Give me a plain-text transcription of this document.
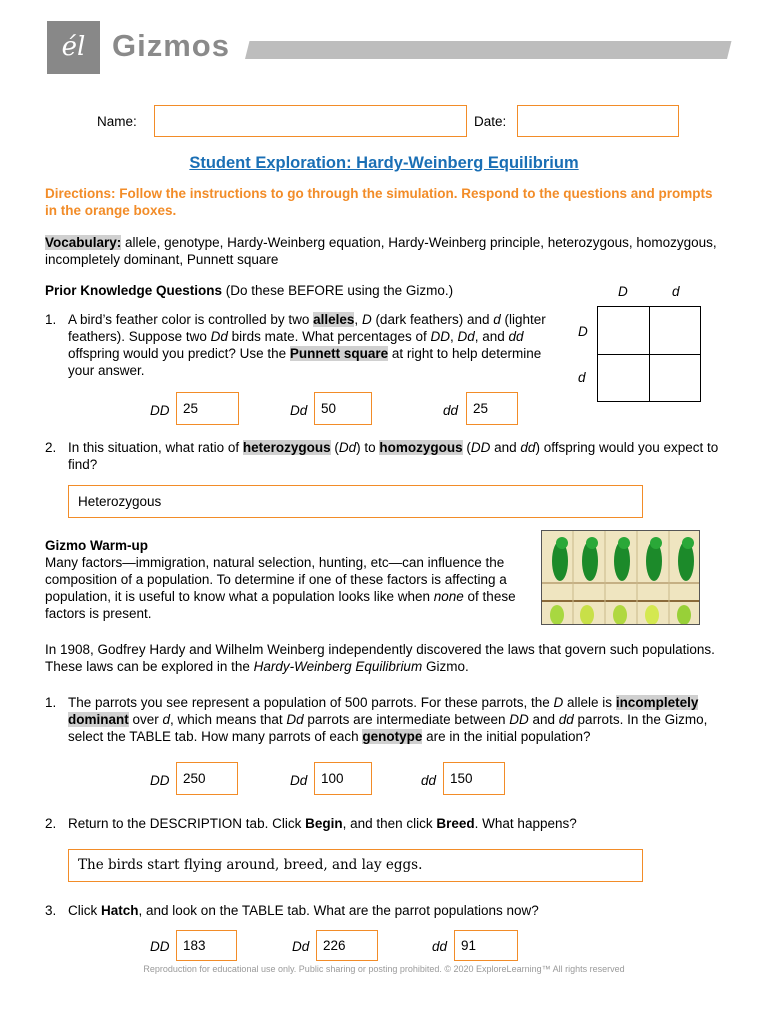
él Gizmos
Name:	Date:
Student Exploration: Hardy-Weinberg Equilibrium
Directions: Follow the instructions to go through the simulation. Respond to the questions and prompts in the orange boxes.
Vocabulary: allele, genotype, Hardy-Weinberg equation, Hardy-Weinberg principle, heterozygous, homozygous, incompletely dominant, Punnett square
Prior Knowledge Questions (Do these BEFORE using the Gizmo.)	D	d
D
d
1. A bird’s feather color is controlled by two alleles, D (dark feathers) and d (lighter feathers). Suppose two Dd birds mate. What percentages of DD, Dd, and dd offspring would you predict? Use the Punnett square at right to help determine your answer.
DD	25	Dd	50	dd	25
2. In this situation, what ratio of heterozygous (Dd) to homozygous (DD and dd) offspring would you expect to find?
Heterozygous
Gizmo Warm-up
Many factors—immigration, natural selection, hunting, etc—can influence the composition of a population. To determine if one of these factors is affecting a population, it is useful to know what a population looks like when none of these factors is present.
In 1908, Godfrey Hardy and Wilhelm Weinberg independently discovered the laws that govern such populations. These laws can be explored in the Hardy-Weinberg Equilibrium Gizmo.
1. The parrots you see represent a population of 500 parrots. For these parrots, the D allele is incompletely dominant over d, which means that Dd parrots are intermediate between DD and dd parrots. In the Gizmo, select the TABLE tab. How many parrots of each genotype are in the initial population?
DD	250	Dd	100	dd	150
2. Return to the DESCRIPTION tab. Click Begin, and then click Breed. What happens?
The birds start flying around, breed, and lay eggs.
3. Click Hatch, and look on the TABLE tab. What are the parrot populations now?
DD	183	Dd	226	dd	91
Reproduction for educational use only. Public sharing or posting prohibited. © 2020 ExploreLearning™ All rights reserved
